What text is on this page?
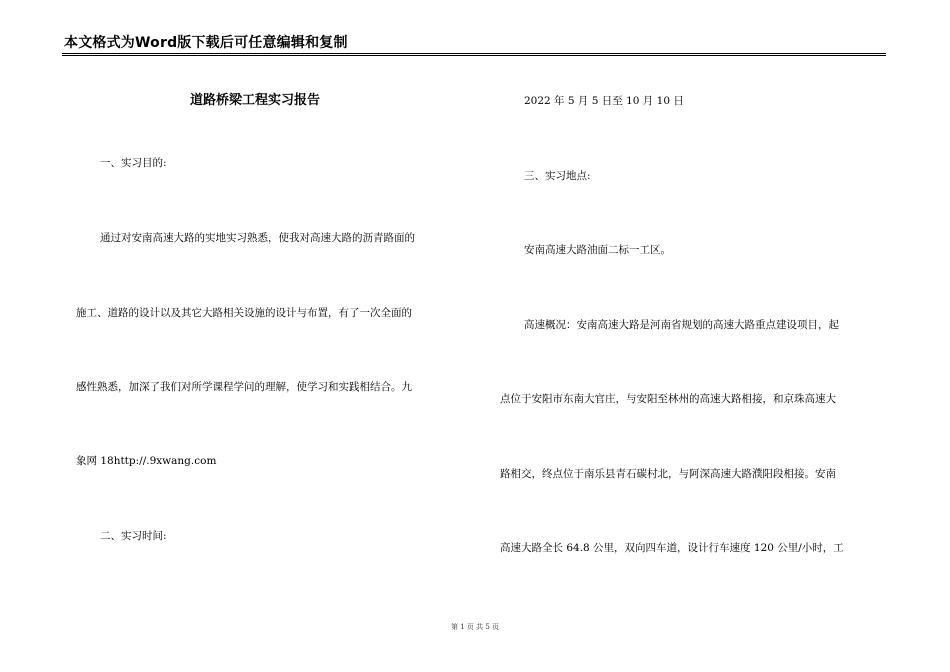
本文格式为Word版下载后可任意编辑和复制
道路桥梁工程实习报告
一、实习目的:
通过对安南高速大路的实地实习熟悉，使我对高速大路的沥青路面的
施工、道路的设计以及其它大路相关设施的设计与布置，有了一次全面的
感性熟悉，加深了我们对所学课程学问的理解，使学习和实践相结合。九
象网 18http://.9xwang.com
二、实习时间:
2022 年 5 月 5 日至 10 月 10 日
三、实习地点:
安南高速大路油面二标一工区。
高速概况：安南高速大路是河南省规划的高速大路重点建设项目，起
点位于安阳市东南大官庄，与安阳至林州的高速大路相接，和京珠高速大
路相交，终点位于南乐县青石碳村北，与阿深高速大路濮阳段相接。安南
高速大路全长 64.8 公里，双向四车道，设计行车速度 120 公里/小时，工
第 1 页 共 5 页
